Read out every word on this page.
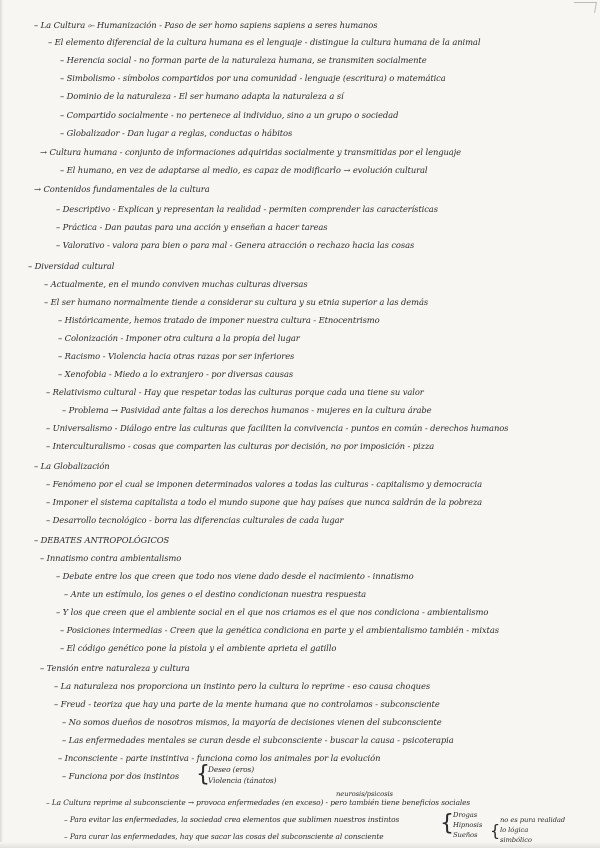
– La Cultura ⟜ Humanización - Paso de ser homo sapiens sapiens a seres humanos
– El elemento diferencial de la cultura humana es el lenguaje - distingue la cultura humana de la animal
– Herencia social - no forman parte de la naturaleza humana, se transmiten socialmente
– Simbolismo - símbolos compartidos por una comunidad - lenguaje (escritura) o matemática
– Dominio de la naturaleza - El ser humano adapta la naturaleza a sí
– Compartido socialmente - no pertenece al individuo, sino a un grupo o sociedad
– Globalizador - Dan lugar a reglas, conductas o hábitos
→ Cultura humana - conjunto de informaciones adquiridas socialmente y transmitidas por el lenguaje
– El humano, en vez de adaptarse al medio, es capaz de modificarlo → evolución cultural
→ Contenidos fundamentales de la cultura
– Descriptivo - Explican y representan la realidad - permiten comprender las características
– Práctica - Dan pautas para una acción y enseñan a hacer tareas
– Valorativo - valora para bien o para mal - Genera atracción o rechazo hacia las cosas
– Diversidad cultural
– Actualmente, en el mundo conviven muchas culturas diversas
– El ser humano normalmente tiende a considerar su cultura y su etnia superior a las demás
– Históricamente, hemos tratado de imponer nuestra cultura - Etnocentrismo
– Colonización - Imponer otra cultura a la propia del lugar
– Racismo - Violencia hacia otras razas por ser inferiores
– Xenofobia - Miedo a lo extranjero - por diversas causas
– Relativismo cultural - Hay que respetar todas las culturas porque cada una tiene su valor
– Problema → Pasividad ante faltas a los derechos humanos - mujeres en la cultura árabe
– Universalismo - Diálogo entre las culturas que faciliten la convivencia - puntos en común - derechos humanos
– Interculturalismo - cosas que comparten las culturas por decisión, no por imposición - pizza
– La Globalización
– Fenómeno por el cual se imponen determinados valores a todas las culturas - capitalismo y democracia
– Imponer el sistema capitalista a todo el mundo supone que hay países que nunca saldrán de la pobreza
– Desarrollo tecnológico - borra las diferencias culturales de cada lugar
– DEBATES ANTROPOLÓGICOS
– Innatismo contra ambientalismo
– Debate entre los que creen que todo nos viene dado desde el nacimiento - innatismo
– Ante un estímulo, los genes o el destino condicionan nuestra respuesta
– Y los que creen que el ambiente social en el que nos criamos es el que nos condiciona - ambientalismo
– Posiciones intermedias - Creen que la genética condiciona en parte y el ambientalismo también - mixtas
– El código genético pone la pistola y el ambiente aprieta el gatillo
– Tensión entre naturaleza y cultura
– La naturaleza nos proporciona un instinto pero la cultura lo reprime - eso causa choques
– Freud - teoriza que hay una parte de la mente humana que no controlamos - subconsciente
– No somos dueños de nosotros mismos, la mayoría de decisiones vienen del subconsciente
– Las enfermedades mentales se curan desde el subconsciente - buscar la causa - psicoterapia
– Inconsciente - parte instintiva - funciona como los animales por la evolución
– Funciona por dos instintos {
Deseo (eros)
Violencia (tánatos)
neurosis/psicosis
– La Cultura reprime al subconsciente → provoca enfermedades (en exceso) - pero también tiene beneficios sociales
– Para evitar las enfermedades, la sociedad crea elementos que sublimen nuestros instintos
– Para curar las enfermedades, hay que sacar las cosas del subconsciente al consciente
{ Drogas
Hipnosis
Sueños {
no es pura realidad
lo lógica
simbólico
